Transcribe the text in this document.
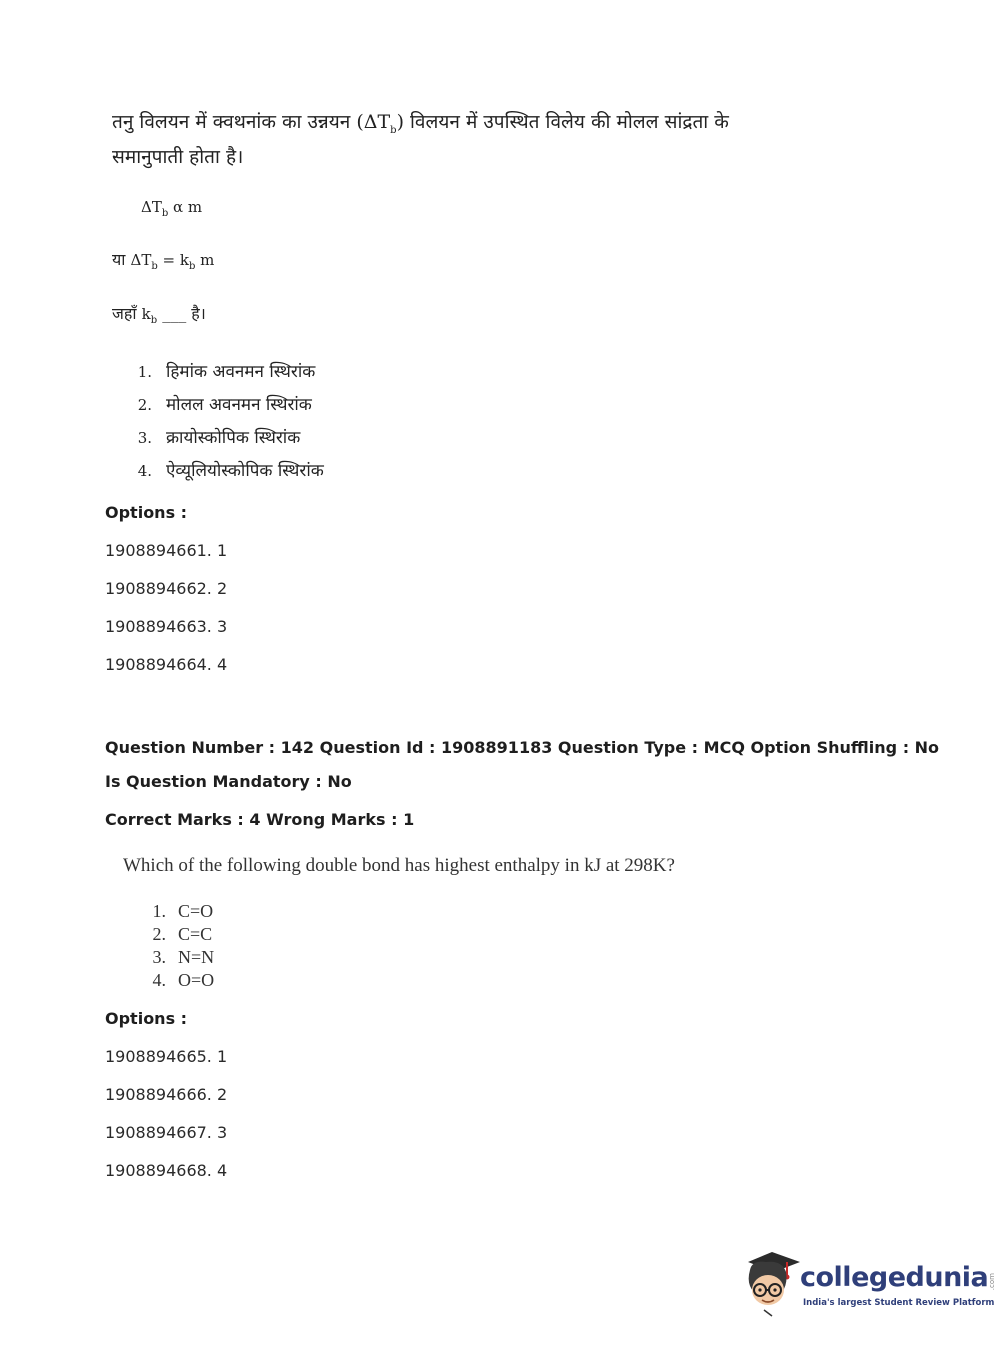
तनु विलयन में क्वथनांक का उन्नयन $(\Delta T_b)$ विलयन में उपस्थित विलेय की मोलल सांद्रता के
समानुपाती होता है।
$\Delta T_b$ α m
या $\Delta T_b = k_b$ m
जहाँ $k_b$ ___ है।
1. हिमांक अवनमन स्थिरांक
2. मोलल अवनमन स्थिरांक
3. क्रायोस्कोपिक स्थिरांक
4. ऐव्यूलियोस्कोपिक स्थिरांक
Options :
1908894661. 1
1908894662. 2
1908894663. 3
1908894664. 4
Question Number : 142 Question Id : 1908891183 Question Type : MCQ Option Shuffling : No
Is Question Mandatory : No
Correct Marks : 4 Wrong Marks : 1
Which of the following double bond has highest enthalpy in kJ at 298K?
1. C=O
2. C=C
3. N=N
4. O=O
Options :
1908894665. 1
1908894666. 2
1908894667. 3
1908894668. 4
collegedunia.com
India's largest Student Review Platform
